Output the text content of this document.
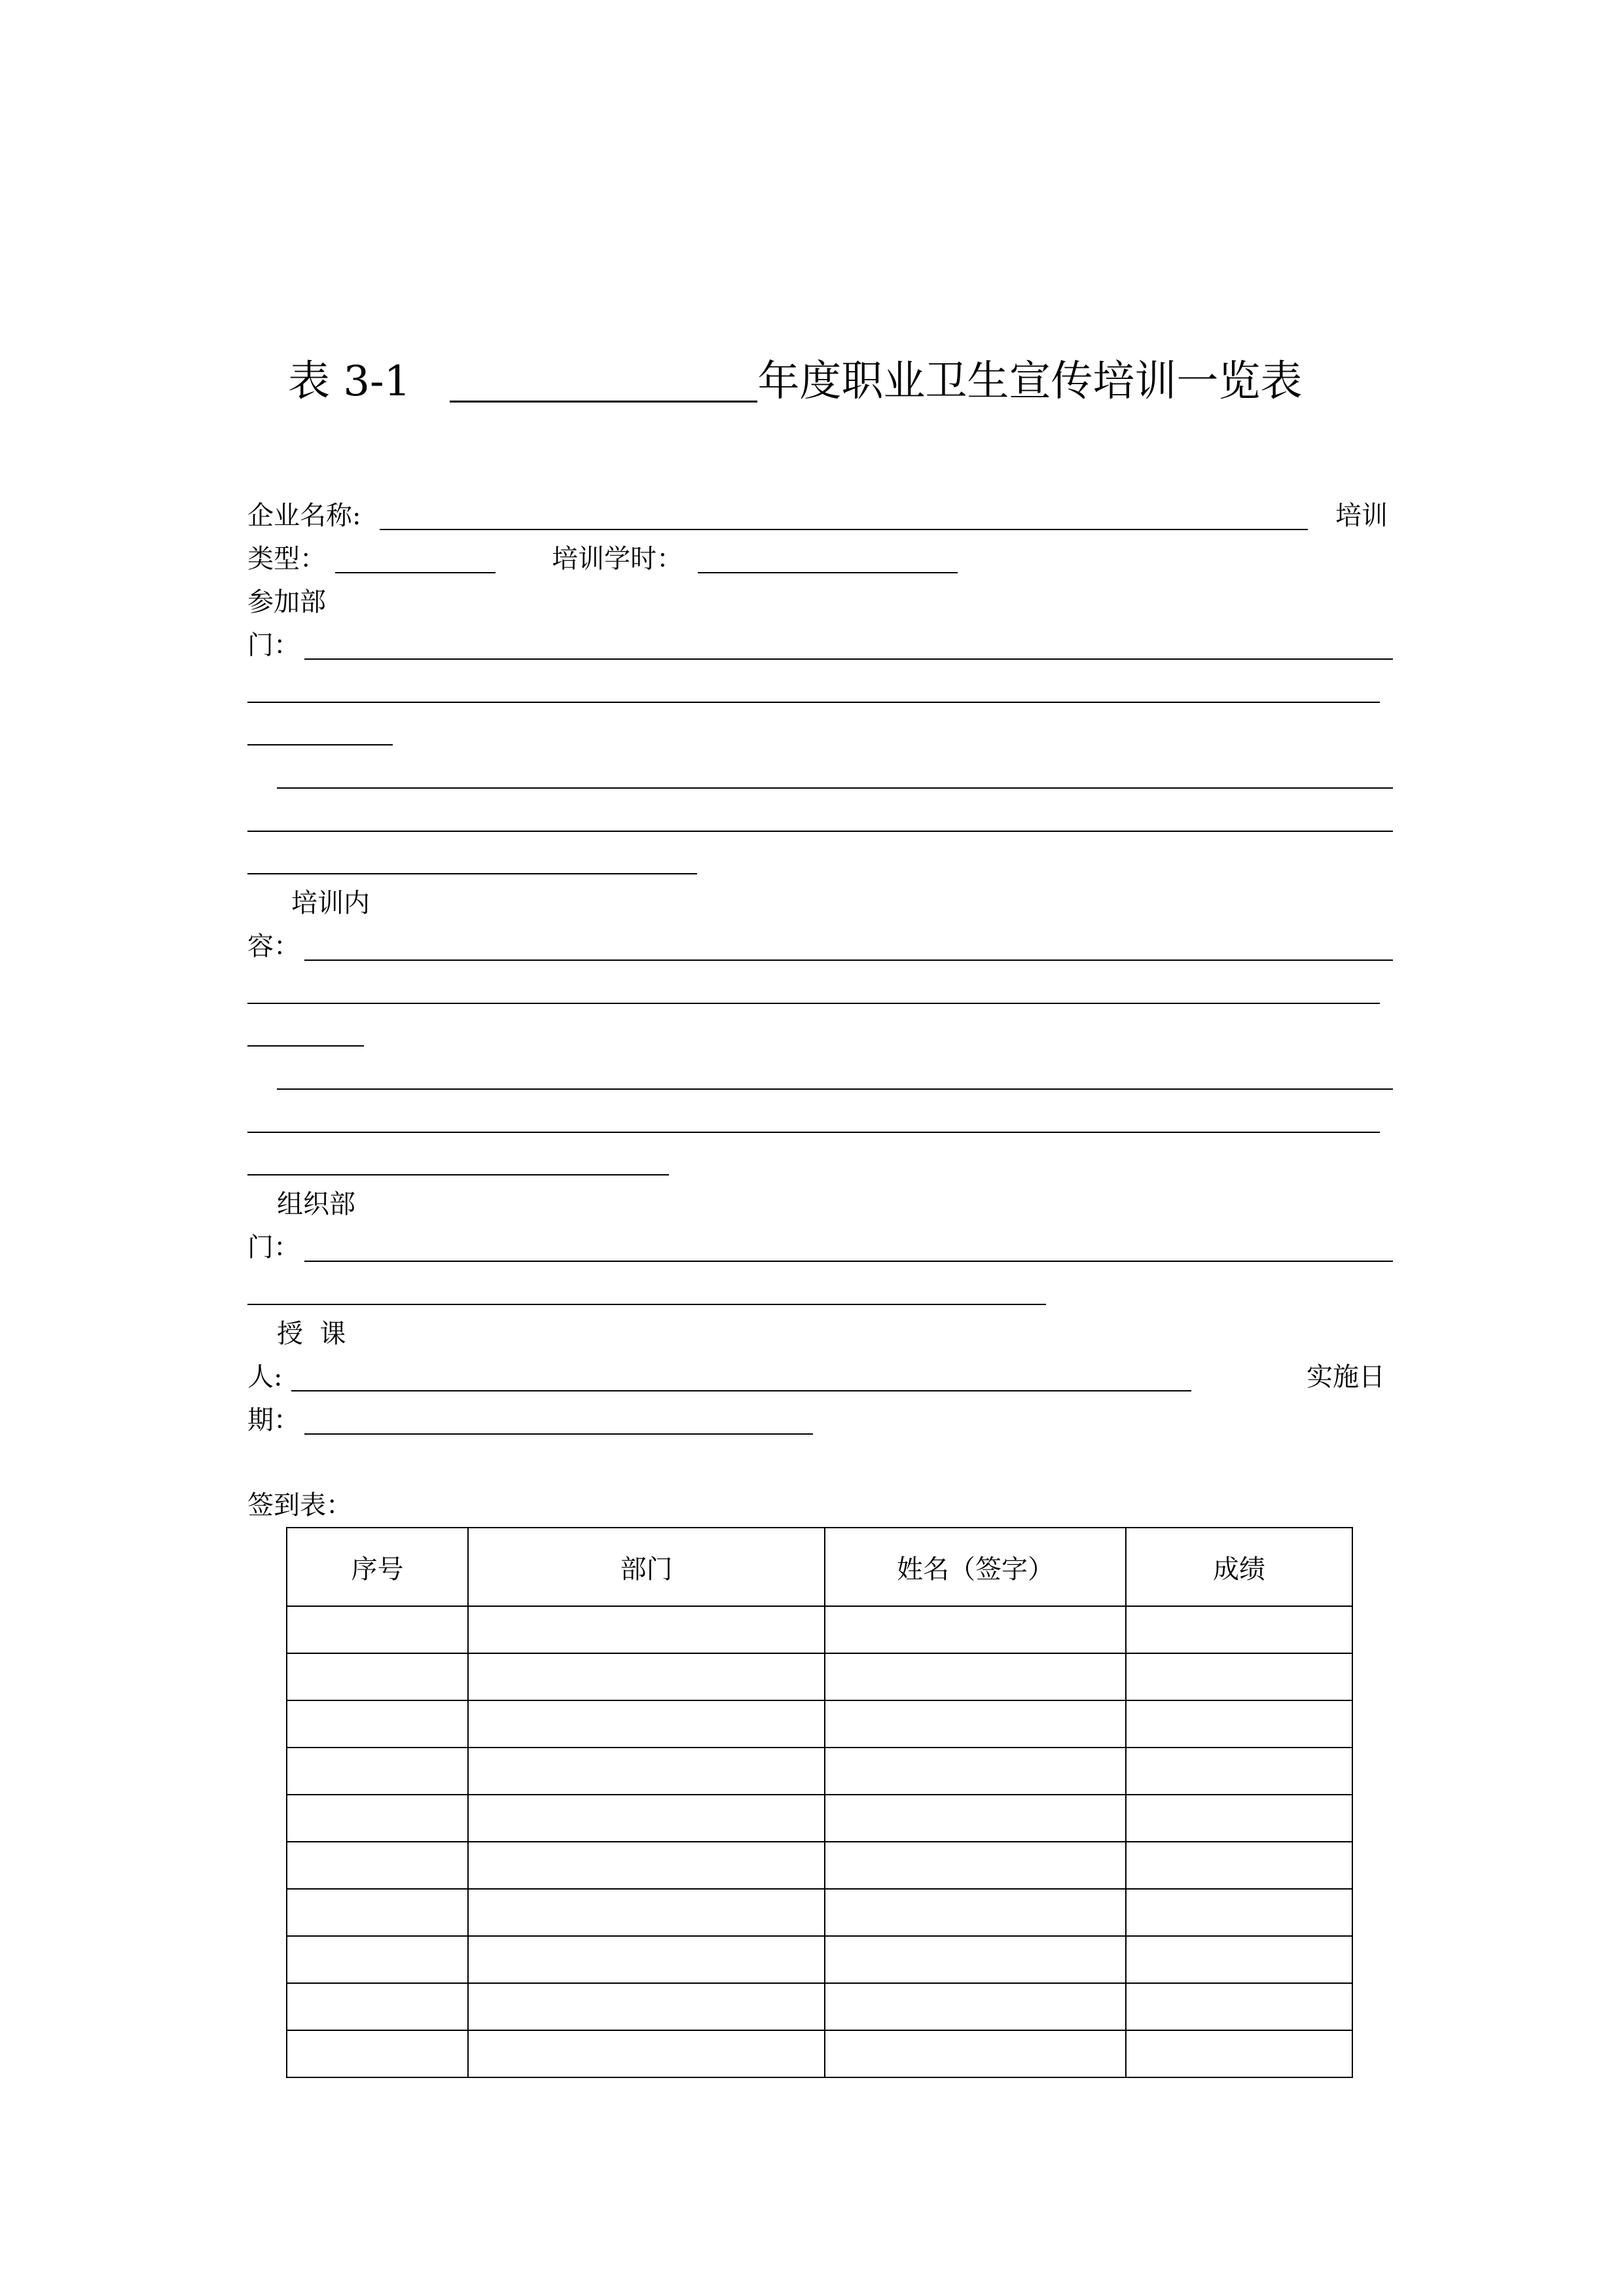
表 3-1	年度职业卫生宣传培训一览表
企业名称:	培训
类型：	培训学时：
参加部
门：
培训内
容：
组织部
门：
授  课
人:	实施日
期：
签到表：
序号	部门	姓名（签字）	成绩
